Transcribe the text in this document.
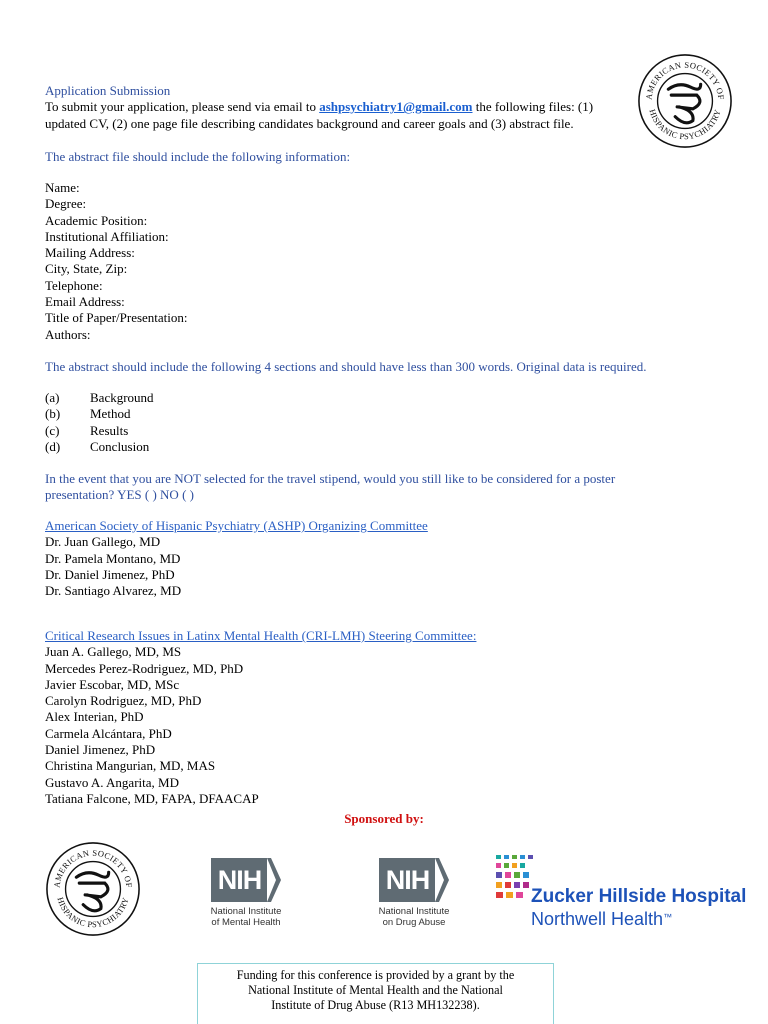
AMERICAN SOCIETY OF
HISPANIC PSYCHIATRY
Application Submission
To submit your application, please send via email to ashpsychiatry1@gmail.com the following files: (1)
updated CV, (2) one page file describing candidates background and career goals and (3) abstract file.
The abstract file should include the following information:
Name:
Degree:
Academic Position:
Institutional Affiliation:
Mailing Address:
City, State, Zip:
Telephone:
Email Address:
Title of Paper/Presentation:
Authors:
The abstract should include the following 4 sections and should have less than 300 words. Original data is required.
(a)	Background
(b)	Method
(c)	Results
(d)	Conclusion
In the event that you are NOT selected for the travel stipend, would you still like to be considered for a poster
presentation? YES ( ) NO ( )
American Society of Hispanic Psychiatry (ASHP) Organizing Committee
Dr. Juan Gallego, MD
Dr. Pamela Montano, MD
Dr. Daniel Jimenez, PhD
Dr. Santiago Alvarez, MD
Critical Research Issues in Latinx Mental Health (CRI-LMH) Steering Committee:
Juan A. Gallego, MD, MS
Mercedes Perez-Rodriguez, MD, PhD
Javier Escobar, MD, MSc
Carolyn Rodriguez, MD, PhD
Alex Interian, PhD
Carmela Alcántara, PhD
Daniel Jimenez, PhD
Christina Mangurian, MD, MAS
Gustavo A. Angarita, MD
Tatiana Falcone, MD, FAPA, DFAACAP
Sponsored by:
AMERICAN SOCIETY OF
HISPANIC PSYCHIATRY
NIH
National Institute
of Mental Health
NIH
National Institute
on Drug Abuse
Zucker Hillside Hospital
Northwell Health™
Funding for this conference is provided by a grant by the
National Institute of Mental Health and the National
Institute of Drug Abuse (R13 MH132238).
